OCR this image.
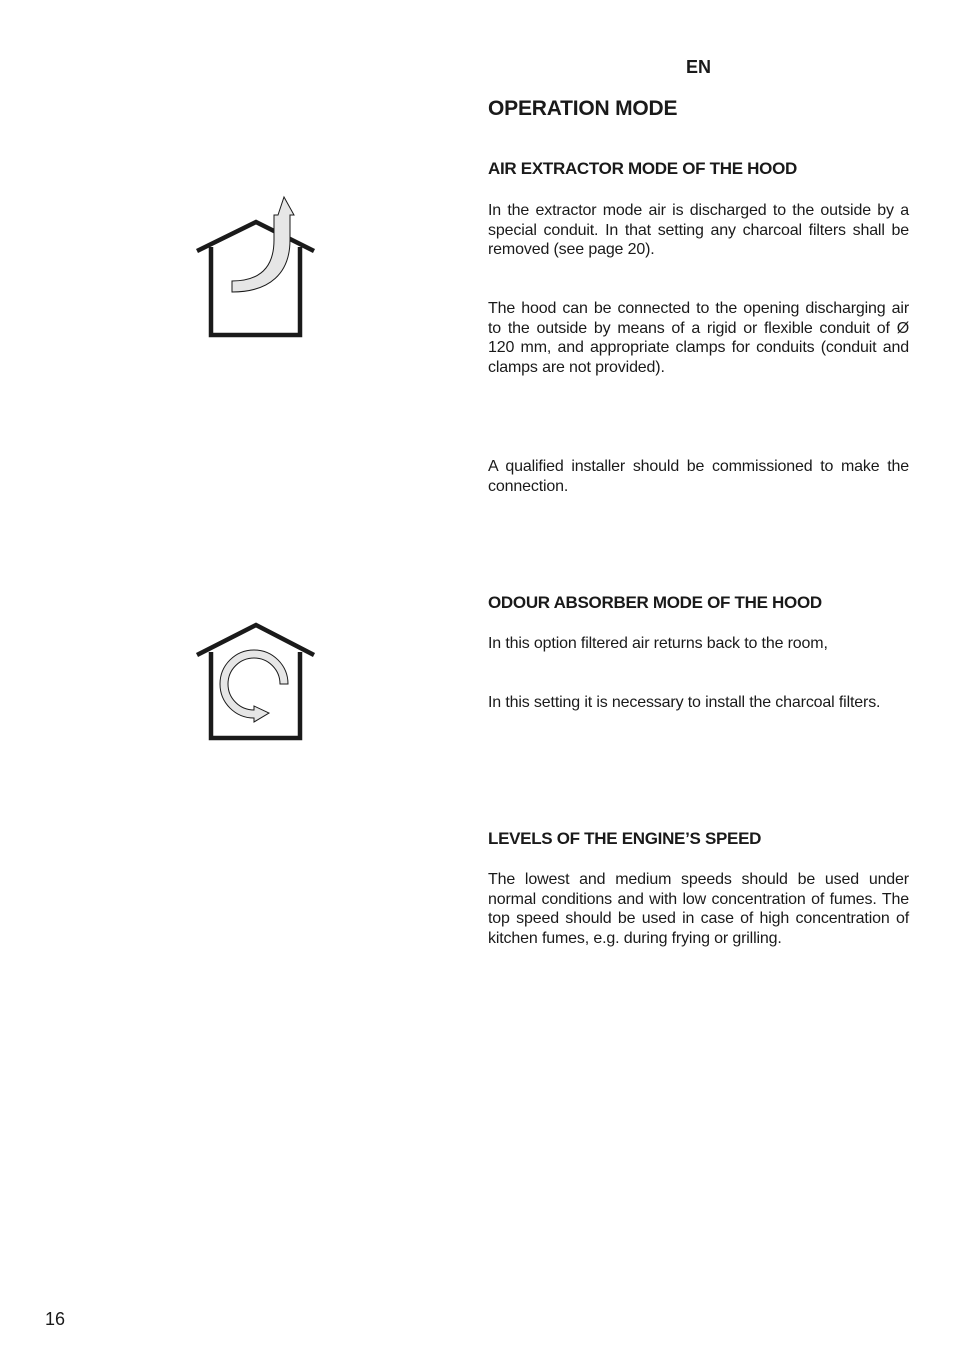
EN
OPERATION MODE
AIR EXTRACTOR MODE OF THE HOOD
In the extractor mode air is discharged to the outside by a special conduit. In that setting any charcoal filters shall be removed (see page 20).
The hood can be connected to the opening discharging air to the outside by means of a rigid or flexible conduit of Ø 120 mm, and appropriate clamps for conduits (conduit and clamps are not provided).
A qualified installer should be commissioned to make the connection.
ODOUR ABSORBER MODE OF THE HOOD
In this option filtered air returns back to the room,
In this setting it is necessary to install the charcoal filters.
LEVELS OF THE ENGINE’S SPEED
The lowest and medium speeds should be used under normal conditions and with low concentration of fumes. The top speed should be used in case of high concentration of kitchen fumes, e.g. during frying or grilling.
16
